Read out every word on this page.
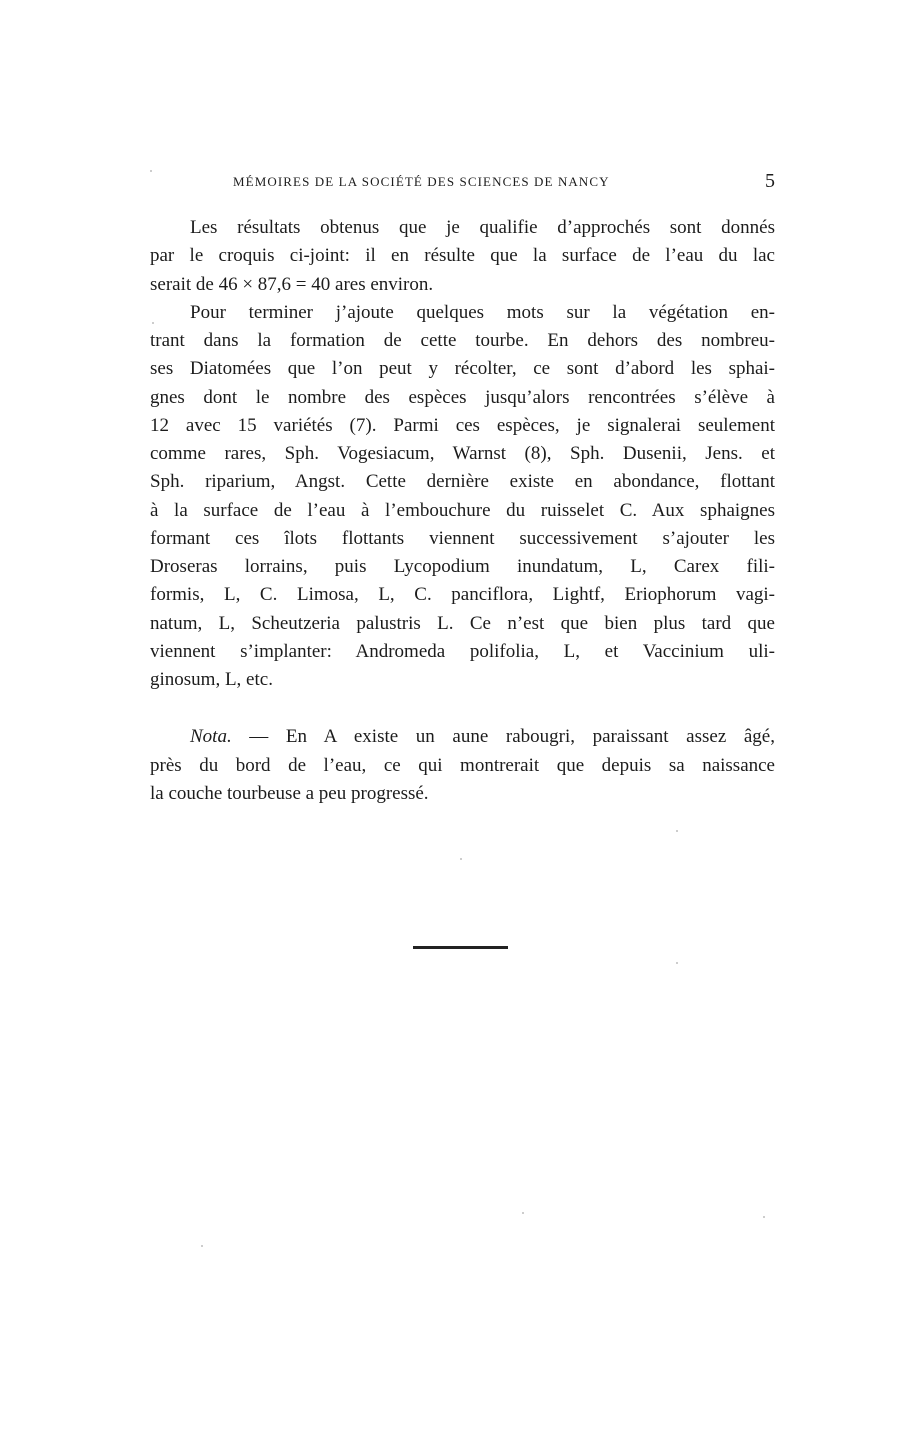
MÉMOIRES DE LA SOCIÉTÉ DES SCIENCES DE NANCY	5
Les résultats obtenus que je qualifie d’approchés sont donnés
par le croquis ci-joint: il en résulte que la surface de l’eau du lac
serait de 46 × 87,6 = 40 ares environ.
Pour terminer j’ajoute quelques mots sur la végétation en-
trant dans la formation de cette tourbe. En dehors des nombreu-
ses Diatomées que l’on peut y récolter, ce sont d’abord les sphai-
gnes dont le nombre des espèces jusqu’alors rencontrées s’élève à
12 avec 15 variétés (7). Parmi ces espèces, je signalerai seulement
comme rares, Sph. Vogesiacum, Warnst (8), Sph. Dusenii, Jens. et
Sph. riparium, Angst. Cette dernière existe en abondance, flottant
à la surface de l’eau à l’embouchure du ruisselet C. Aux sphaignes
formant ces îlots flottants viennent successivement s’ajouter les
Droseras lorrains, puis Lycopodium inundatum, L, Carex fili-
formis, L, C. Limosa, L, C. panciflora, Lightf, Eriophorum vagi-
natum, L, Scheutzeria palustris L. Ce n’est que bien plus tard que
viennent s’implanter: Andromeda polifolia, L, et Vaccinium uli-
ginosum, L, etc.
Nota. — En A existe un aune rabougri, paraissant assez âgé,
près du bord de l’eau, ce qui montrerait que depuis sa naissance
la couche tourbeuse a peu progressé.
